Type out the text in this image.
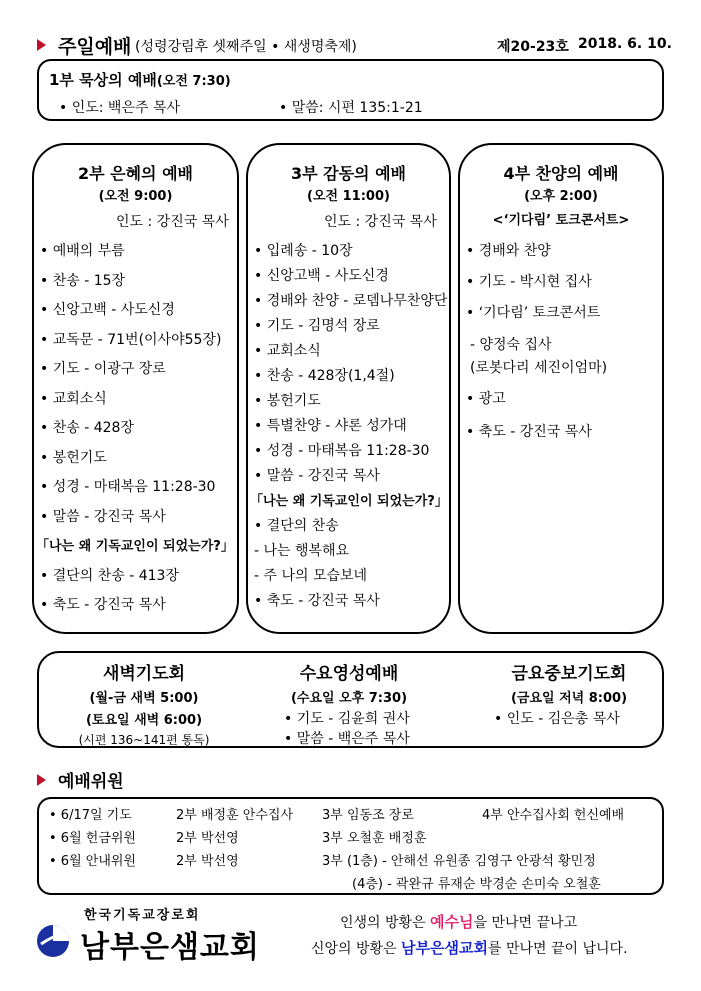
주일예배 (성령강림후 셋째주일 • 새생명축제)	제20-23호 2018. 6. 10.
1부 묵상의 예배(오전 7:30)
• 인도: 백은주 목사	• 말씀: 시편 135:1-21
2부 은혜의 예배
(오전 9:00)
인도 : 강진국 목사
• 예배의 부름
• 찬송 - 15장
• 신앙고백 - 사도신경
• 교독문 - 71번(이사야55장)
• 기도 - 이광구 장로
• 교회소식
• 찬송 - 428장
• 봉헌기도
• 성경 - 마태복음 11:28-30
• 말씀 - 강진국 목사
「나는 왜 기독교인이 되었는가?」
• 결단의 찬송 - 413장
• 축도 - 강진국 목사
3부 감동의 예배
(오전 11:00)
인도 : 강진국 목사
• 입례송 - 10장
• 신앙고백 - 사도신경
• 경배와 찬양 - 로뎀나무찬양단
• 기도 - 김명석 장로
• 교회소식
• 찬송 - 428장(1,4절)
• 봉헌기도
• 특별찬양 - 샤론 성가대
• 성경 - 마태복음 11:28-30
• 말씀 - 강진국 목사
「나는 왜 기독교인이 되었는가?」
• 결단의 찬송
- 나는 행복해요
- 주 나의 모습보네
• 축도 - 강진국 목사
4부 찬양의 예배
(오후 2:00)
<‘기다림’ 토크콘서트>
• 경배와 찬양
• 기도 - 박시현 집사
• ‘기다림’ 토크콘서트
- 양정숙 집사
(로봇다리 세진이엄마)
• 광고
• 축도 - 강진국 목사
새벽기도회
(월-금 새벽 5:00)
(토요일 새벽 6:00)
(시편 136~141편 통독)
수요영성예배
(수요일 오후 7:30)
• 기도 - 김윤희 권사
• 말씀 - 백은주 목사
금요중보기도회
(금요일 저녁 8:00)
• 인도 - 김은총 목사
예배위원
• 6/17일 기도	2부 배정훈 안수집사 3부 임동조 장로	4부 안수집사회 헌신예배
• 6월 헌금위원	2부 박선영	3부 오철훈 배정훈
• 6월 안내위원	2부 박선영	3부 (1층) - 안해선 유원종 김영구 안광석 황민정
(4층) - 곽완규 류재순 박경순 손미숙 오철훈
한국기독교장로회
남부은샘교회
인생의 방황은 예수님을 만나면 끝나고
신앙의 방황은 남부은샘교회를 만나면 끝이 납니다.
